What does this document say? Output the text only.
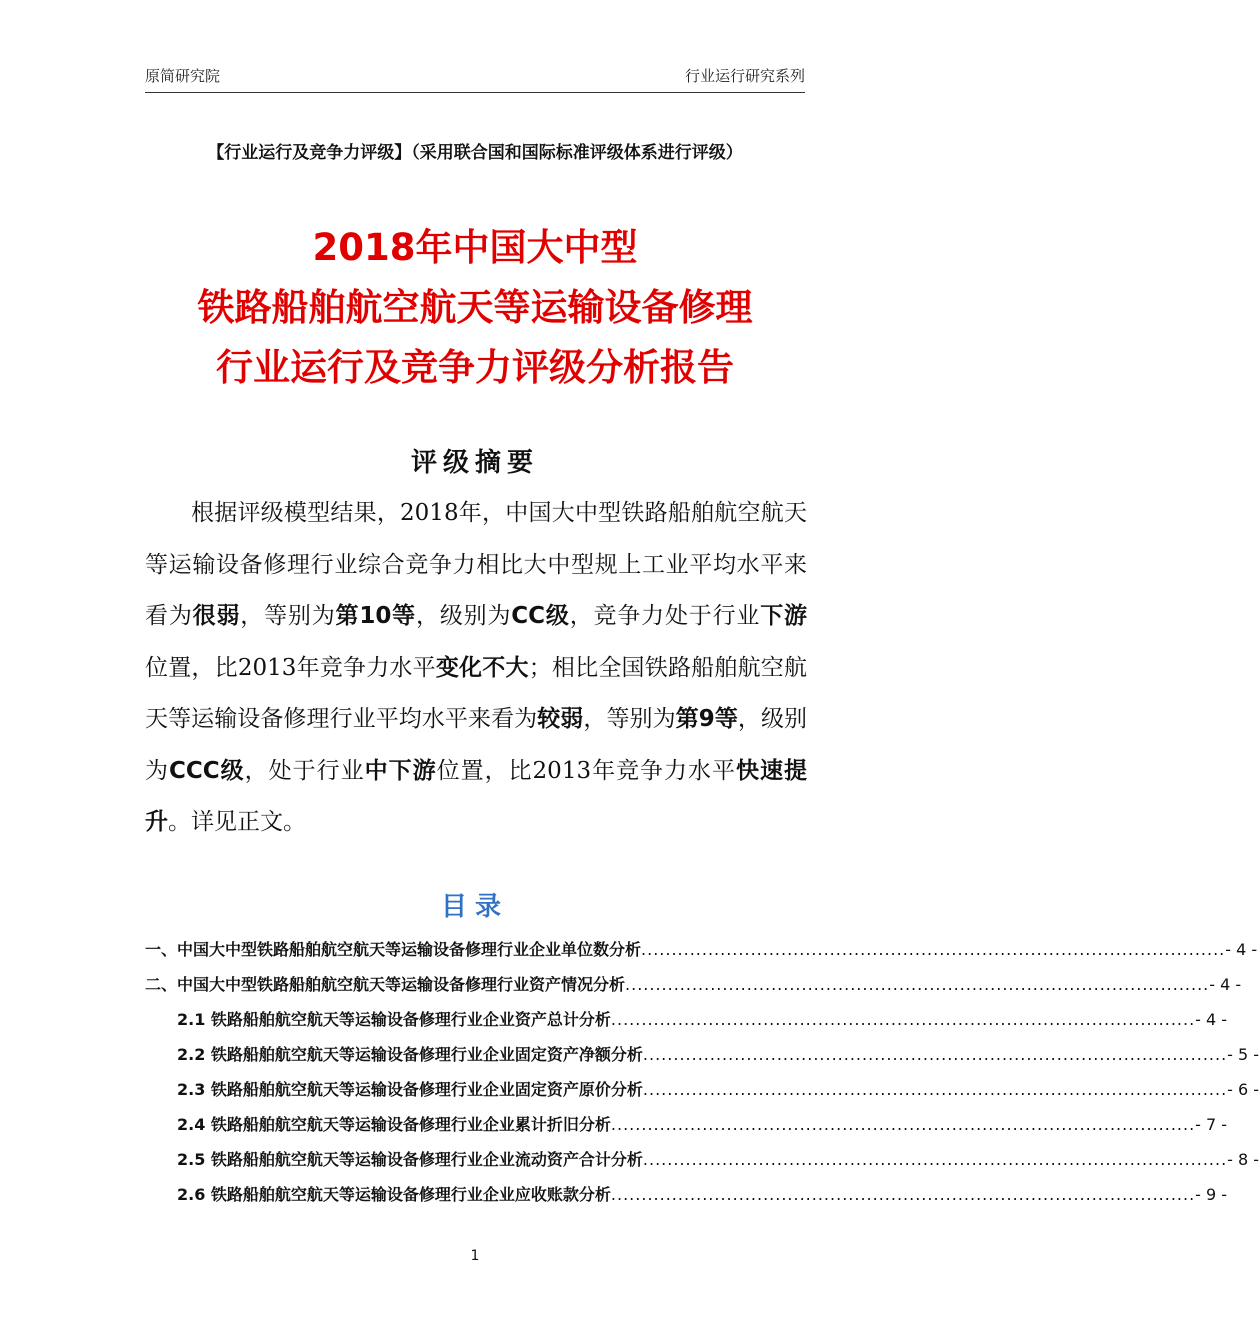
原简研究院	行业运行研究系列
【行业运行及竞争力评级】（采用联合国和国际标准评级体系进行评级）
2018年中国大中型
铁路船舶航空航天等运输设备修理
行业运行及竞争力评级分析报告
评级摘要

根据评级模型结果，2018年，中国大中型铁路船舶航空航天等运输设备修理行业综合竞争力相比大中型规上工业平均水平来看为很弱，等别为第10等，级别为CC级，竞争力处于行业下游位置，比2013年竞争力水平变化不大；相比全国铁路船舶航空航天等运输设备修理行业平均水平来看为较弱，等别为第9等，级别为CCC级，处于行业中下游位置，比2013年竞争力水平快速提升。详见正文。

目录
一、中国大中型铁路船舶航空航天等运输设备修理行业企业单位数分析 ................................................................................................ - 4 -
二、中国大中型铁路船舶航空航天等运输设备修理行业资产情况分析 ................................................................................................ - 4 -
2.1 铁路船舶航空航天等运输设备修理行业企业资产总计分析 ................................................................................................ - 4 -
2.2 铁路船舶航空航天等运输设备修理行业企业固定资产净额分析 ................................................................................................ - 5 -
2.3 铁路船舶航空航天等运输设备修理行业企业固定资产原价分析 ................................................................................................ - 6 -
2.4 铁路船舶航空航天等运输设备修理行业企业累计折旧分析 ................................................................................................ - 7 -
2.5 铁路船舶航空航天等运输设备修理行业企业流动资产合计分析 ................................................................................................ - 8 -
2.6 铁路船舶航空航天等运输设备修理行业企业应收账款分析 ................................................................................................ - 9 -
1
